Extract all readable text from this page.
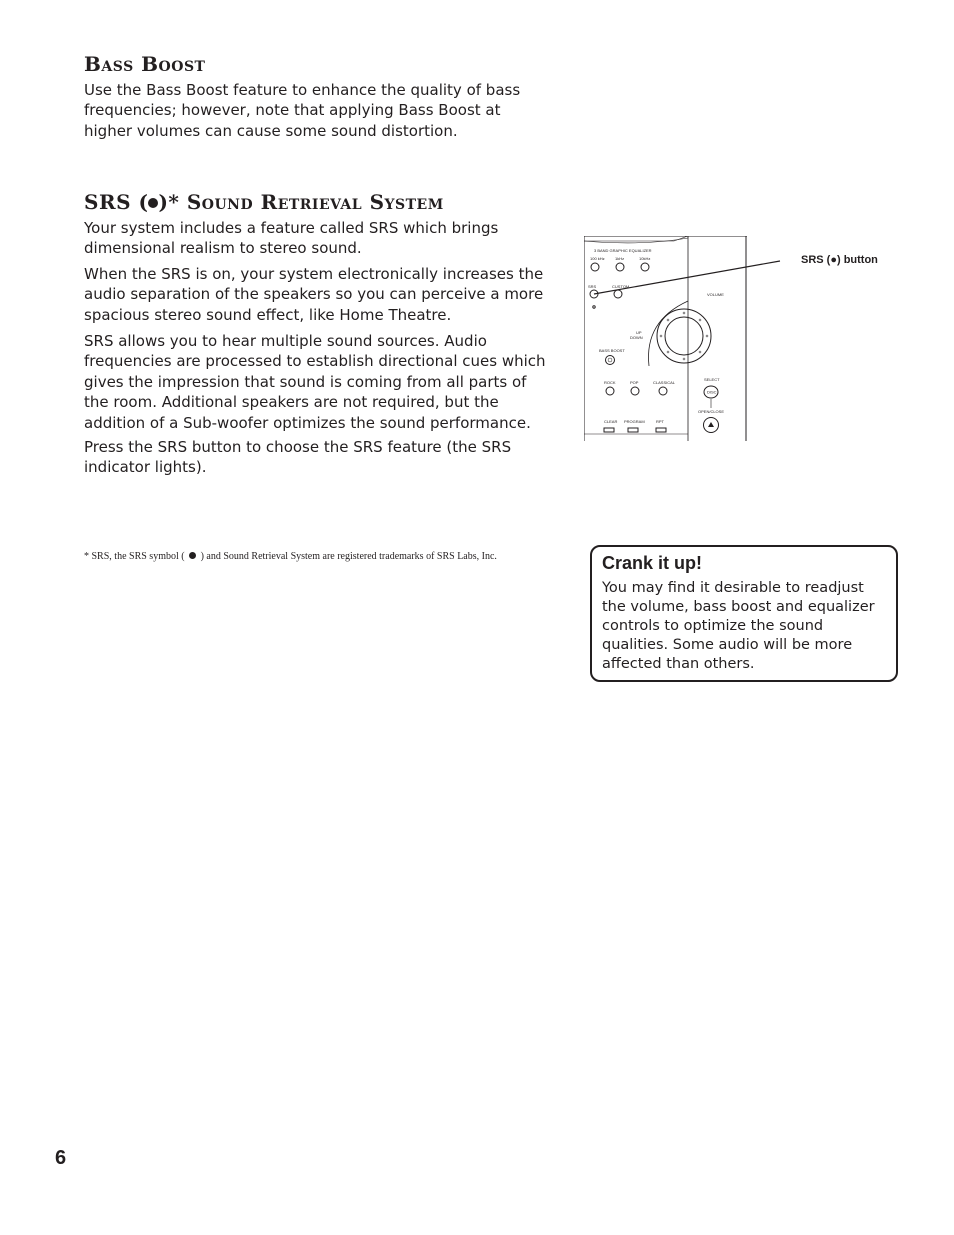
Bass Boost

Use the Bass Boost feature to enhance the quality of bass frequencies; however, note that applying Bass Boost at higher volumes can cause some sound distortion.

SRS ( )* Sound Retrieval System

Your system includes a feature called SRS which brings dimensional realism to stereo sound.

When the SRS is on, your system electronically increases the audio separation of the speakers so you can perceive a more spacious stereo sound effect, like Home Theatre.

SRS allows you to hear multiple sound sources. Audio frequencies are processed to establish directional cues which gives the impression that sound is coming from all parts of the room. Additional speakers are not required, but the addition of a Sub-woofer optimizes the sound performance.

Press the SRS button to choose the SRS feature (the SRS indicator lights).

3 BAND GRAPHIC EQUALIZER
100 kHz	1kHz	10kHz
SRS	CUSTOM
VOLUME
UP
DOWN
BASS BOOST
ROCK	POP	CLASSICAL
SELECT
DISC
OPEN/CLOSE
CLEAR PROGRAM	RPT
SRS (●) button

* SRS, the SRS symbol ( ) and Sound Retrieval System are registered trademarks of SRS Labs, Inc.	Crank it up!

You may find it desirable to readjust the volume, bass boost and equalizer controls to optimize the sound qualities. Some audio will be more affected than others.

6
